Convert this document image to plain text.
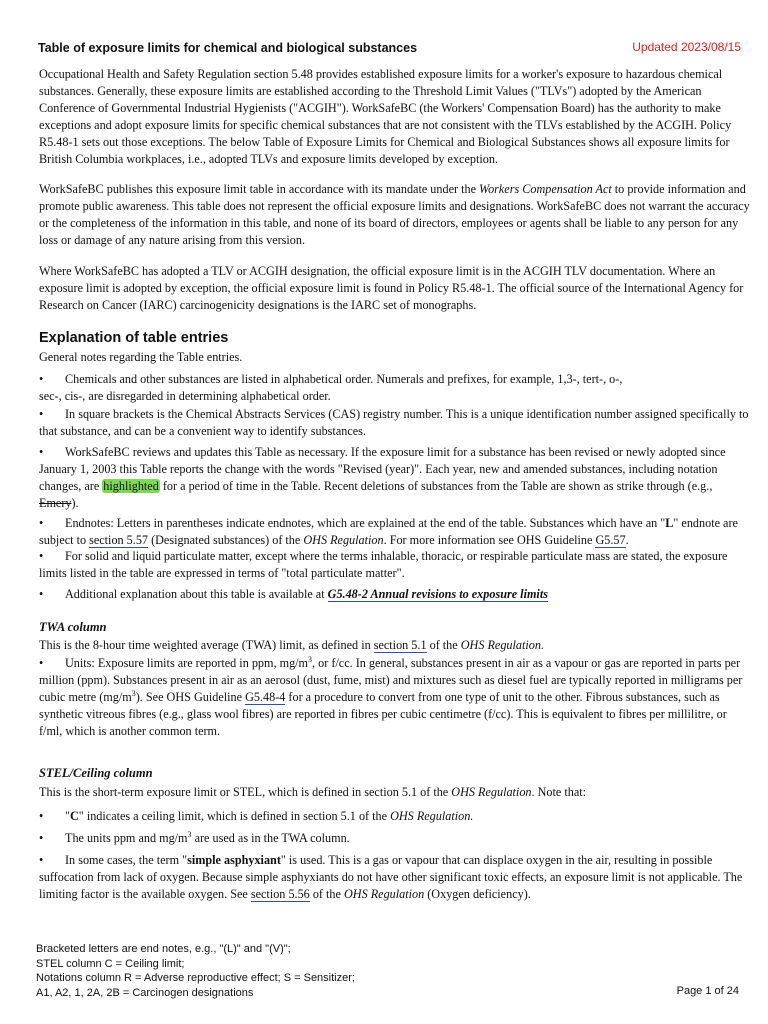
Table of exposure limits for chemical and biological substances	Updated 2023/08/15

Occupational Health and Safety Regulation section 5.48 provides established exposure limits for a worker's exposure to hazardous chemical substances. Generally, these exposure limits are established according to the Threshold Limit Values ("TLVs") adopted by the American Conference of Governmental Industrial Hygienists ("ACGIH"). WorkSafeBC (the Workers' Compensation Board) has the authority to make exceptions and adopt exposure limits for specific chemical substances that are not consistent with the TLVs established by the ACGIH. Policy R5.48-1 sets out those exceptions. The below Table of Exposure Limits for Chemical and Biological Substances shows all exposure limits for British Columbia workplaces, i.e., adopted TLVs and exposure limits developed by exception.

WorkSafeBC publishes this exposure limit table in accordance with its mandate under the Workers Compensation Act to provide information and promote public awareness. This table does not represent the official exposure limits and designations. WorkSafeBC does not warrant the accuracy or the completeness of the information in this table, and none of its board of directors, employees or agents shall be liable to any person for any loss or damage of any nature arising from this version.

Where WorkSafeBC has adopted a TLV or ACGIH designation, the official exposure limit is in the ACGIH TLV documentation. Where an exposure limit is adopted by exception, the official exposure limit is found in Policy R5.48-1. The official source of the International Agency for Research on Cancer (IARC) carcinogenicity designations is the IARC set of monographs.

Explanation of table entries

General notes regarding the Table entries.

• Chemicals and other substances are listed in alphabetical order. Numerals and prefixes, for example, 1,3-, tert-, o-,
sec-, cis-, are disregarded in determining alphabetical order.

• In square brackets is the Chemical Abstracts Services (CAS) registry number. This is a unique identification number assigned specifically to that substance, and can be a convenient way to identify substances.

• WorkSafeBC reviews and updates this Table as necessary. If the exposure limit for a substance has been revised or newly adopted since January 1, 2003 this Table reports the change with the words "Revised (year)". Each year, new and amended substances, including notation changes, are highlighted for a period of time in the Table. Recent deletions of substances from the Table are shown as strike through (e.g., Emery).

• Endnotes: Letters in parentheses indicate endnotes, which are explained at the end of the table. Substances which have an "L" endnote are subject to section 5.57 (Designated substances) of the OHS Regulation. For more information see OHS Guideline G5.57.

• For solid and liquid particulate matter, except where the terms inhalable, thoracic, or respirable particulate mass are stated, the exposure limits listed in the table are expressed in terms of "total particulate matter".

• Additional explanation about this table is available at G5.48-2 Annual revisions to exposure limits

TWA column

This is the 8-hour time weighted average (TWA) limit, as defined in section 5.1 of the OHS Regulation.

• Units: Exposure limits are reported in ppm, $mg/m^3$, or f/cc. In general, substances present in air as a vapour or gas are reported in parts per million (ppm). Substances present in air as an aerosol (dust, fume, mist) and mixtures such as diesel fuel are typically reported in milligrams per cubic metre $(mg/m^3)$. See OHS Guideline G5.48-4 for a procedure to convert from one type of unit to the other. Fibrous substances, such as synthetic vitreous fibres (e.g., glass wool fibres) are reported in fibres per cubic centimetre (f/cc). This is equivalent to fibres per millilitre, or f/ml, which is another common term.

STEL/Ceiling column

This is the short-term exposure limit or STEL, which is defined in section 5.1 of the OHS Regulation. Note that:

• "C" indicates a ceiling limit, which is defined in section 5.1 of the OHS Regulation.

• The units ppm and $mg/m^3$ are used as in the TWA column.

• In some cases, the term "simple asphyxiant" is used. This is a gas or vapour that can displace oxygen in the air, resulting in possible suffocation from lack of oxygen. Because simple asphyxiants do not have other significant toxic effects, an exposure limit is not applicable. The limiting factor is the available oxygen. See section 5.56 of the OHS Regulation (Oxygen deficiency).

Bracketed letters are end notes, e.g., "(L)" and "(V)";
STEL column C = Ceiling limit;
Notations column R = Adverse reproductive effect; S = Sensitizer;
A1, A2, 1, 2A, 2B = Carcinogen designations	Page 1 of 24
